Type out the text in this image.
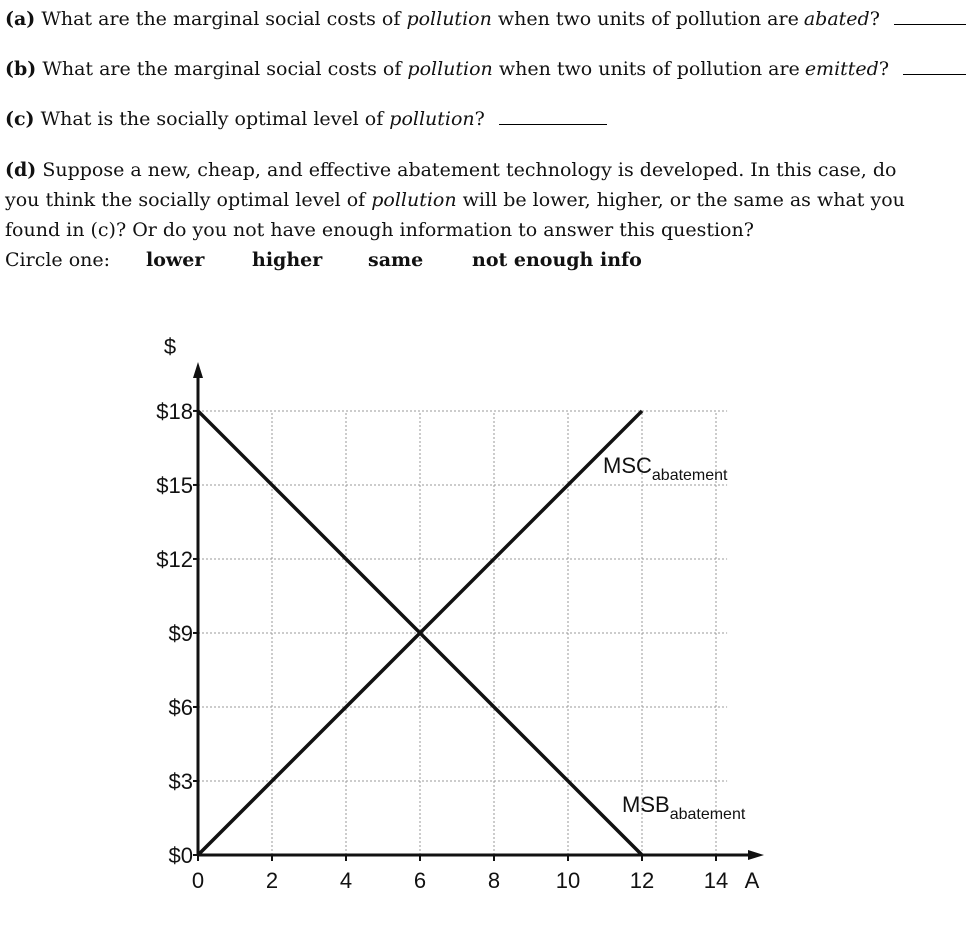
(a) What are the marginal social costs of pollution when two units of pollution are abated?
(b) What are the marginal social costs of pollution when two units of pollution are emitted?
(c) What is the socially optimal level of pollution?
(d) Suppose a new, cheap, and effective abatement technology is developed. In this case, do you think the socially optimal level of pollution will be lower, higher, or the same as what you found in (c)? Or do you not have enough information to answer this question?
Circle one: lower	higher same	not enough info
$0
$3
$6
$9
$12
$15
$18
0	2	4	6	8	10 12 14
$
A
$MSB_{abatement}$
$MSC_{abatement}$
